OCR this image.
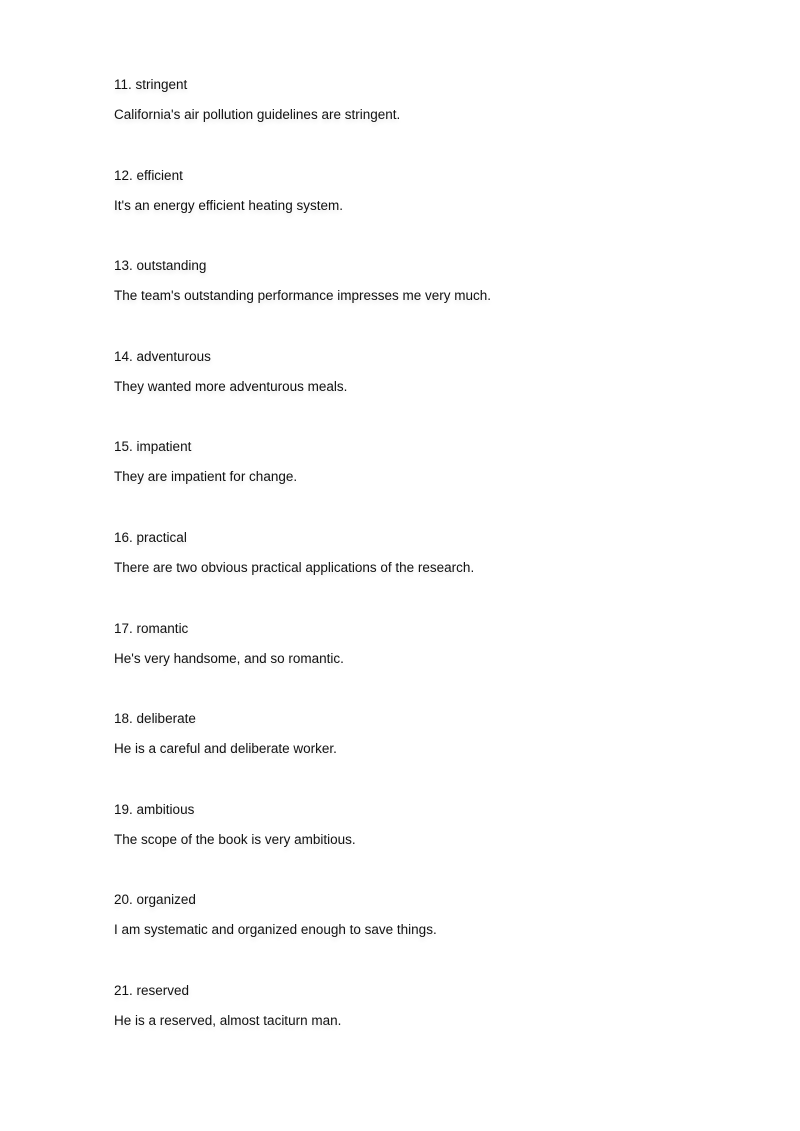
11. stringent
California's air pollution guidelines are stringent.
12. efficient
It's an energy efficient heating system.
13. outstanding
The team's outstanding performance impresses me very much.
14. adventurous
They wanted more adventurous meals.
15. impatient
They are impatient for change.
16. practical
There are two obvious practical applications of the research.
17. romantic
He's very handsome, and so romantic.
18. deliberate
He is a careful and deliberate worker.
19. ambitious
The scope of the book is very ambitious.
20. organized
I am systematic and organized enough to save things.
21. reserved
He is a reserved, almost taciturn man.
